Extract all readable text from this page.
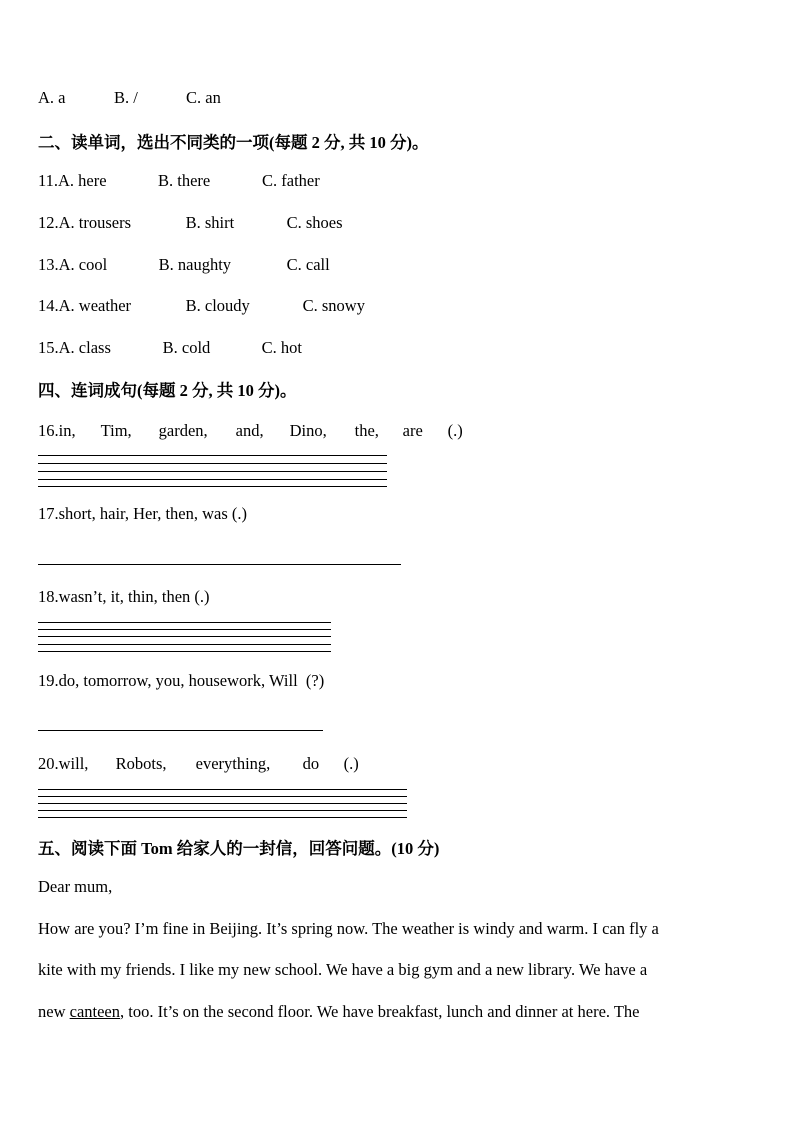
A. a	B. /	C. an
二、读单词，选出不同类的一项(每题 2 分, 共 10 分)。
11.A. here	B. there	C. father
12.A. trousers	B. shirt	C. shoes
13.A. cool	B. naughty	C. call
14.A. weather	B. cloudy	C. snowy
15.A. class	B. cold	C. hot
四、连词成句(每题 2 分, 共 10 分)。
16.in, Tim, garden, and, Dino, the, are (.)
17.short, hair, Her, then, was (.)
18.wasn’t, it, thin, then (.)
19.do, tomorrow, you, housework, Will  (?)
20.will, Robots, everything, do (.)
五、阅读下面 Tom 给家人的一封信，回答问题。(10 分)
Dear mum,
How are you? I’m fine in Beijing. It’s spring now. The weather is windy and warm. I can fly a
kite with my friends. I like my new school. We have a big gym and a new library. We have a
new canteen, too. It’s on the second floor. We have breakfast, lunch and dinner at here. The
